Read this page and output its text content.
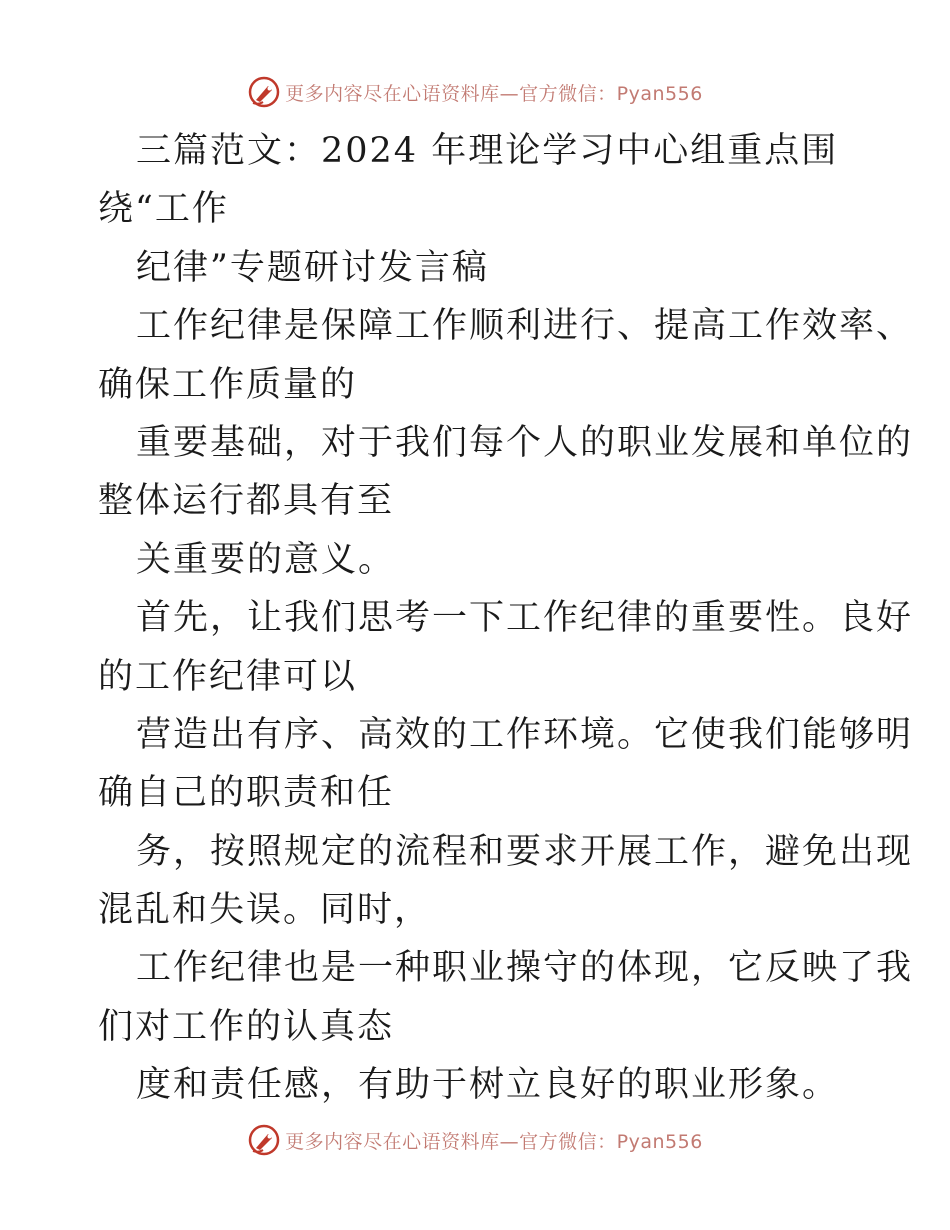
更多内容尽在心语资料库—官方微信：Pyan556
三篇范文：2024 年理论学习中心组重点围
绕“工作
纪律”专题研讨发言稿
工作纪律是保障工作顺利进行、提高工作效率、
确保工作质量的
重要基础，对于我们每个人的职业发展和单位的
整体运行都具有至
关重要的意义。
首先，让我们思考一下工作纪律的重要性。良好
的工作纪律可以
营造出有序、高效的工作环境。它使我们能够明
确自己的职责和任
务，按照规定的流程和要求开展工作，避免出现
混乱和失误。同时，
工作纪律也是一种职业操守的体现，它反映了我
们对工作的认真态
度和责任感，有助于树立良好的职业形象。
更多内容尽在心语资料库—官方微信：Pyan556
